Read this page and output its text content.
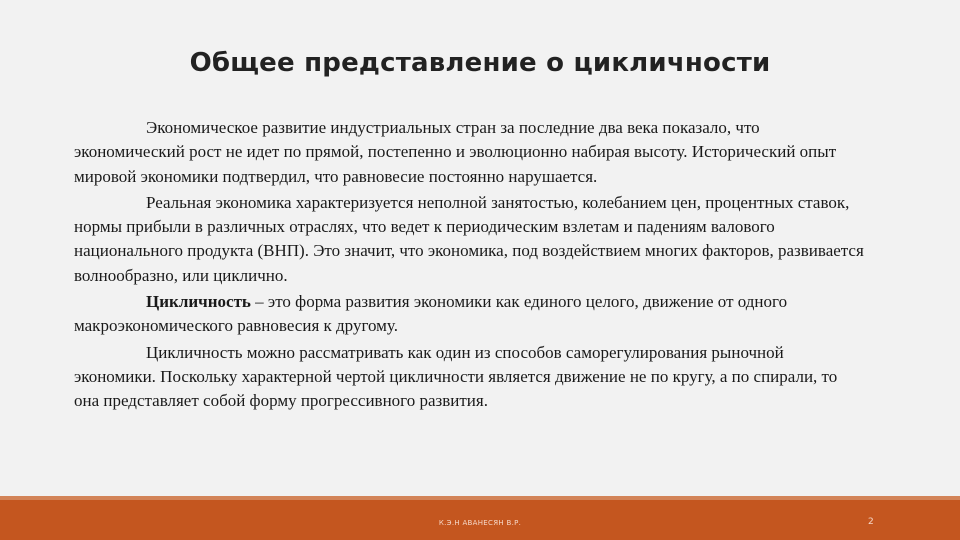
Общее представление о цикличности

Экономическое развитие индустриальных стран за последние два века показало, что экономический рост не идет по прямой, постепенно и эволюционно набирая высоту. Исторический опыт мировой экономики подтвердил, что равновесие постоянно нарушается.

Реальная экономика характеризуется неполной занятостью, колебанием цен, процентных ставок, нормы прибыли в различных отраслях, что ведет к периодическим взлетам и падениям валового национального продукта (ВНП). Это значит, что экономика, под воздействием многих факторов, развивается волнообразно, или циклично.

Цикличность – это форма развития экономики как единого целого, движение от одного макроэкономического равновесия к другому.

Цикличность можно рассматривать как один из способов саморегулирования рыночной экономики. Поскольку характерной чертой цикличности является движение не по кругу, а по спирали, то она представляет собой форму прогрессивного развития.

К.Э.Н АВАНЕСЯН В.Р.	2
